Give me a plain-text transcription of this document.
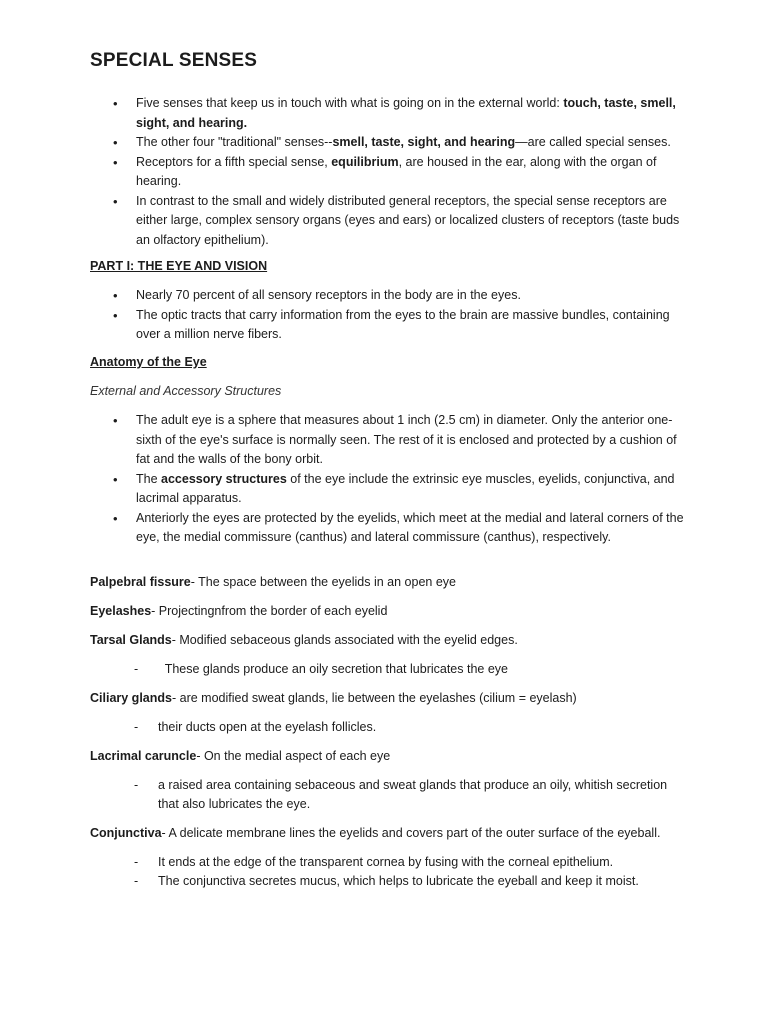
SPECIAL SENSES
• Five senses that keep us in touch with what is going on in the external world: touch, taste, smell, sight, and hearing.
• The other four "traditional" senses--smell, taste, sight, and hearing—are called special senses.
• Receptors for a fifth special sense, equilibrium, are housed in the ear, along with the organ of hearing.
• In contrast to the small and widely distributed general receptors, the special sense receptors are either large, complex sensory organs (eyes and ears) or localized clusters of receptors (taste buds an olfactory epithelium).
PART I: THE EYE AND VISION
• Nearly 70 percent of all sensory receptors in the body are in the eyes.
• The optic tracts that carry information from the eyes to the brain are massive bundles, containing over a million nerve fibers.
Anatomy of the Eye
External and Accessory Structures
• The adult eye is a sphere that measures about 1 inch (2.5 cm) in diameter. Only the anterior one- sixth of the eye's surface is normally seen. The rest of it is enclosed and protected by a cushion of fat and the walls of the bony orbit.
• The accessory structures of the eye include the extrinsic eye muscles, eyelids, conjunctiva, and lacrimal apparatus.
• Anteriorly the eyes are protected by the eyelids, which meet at the medial and lateral corners of the eye, the medial commissure (canthus) and lateral commissure (canthus), respectively.

Palpebral fissure- The space between the eyelids in an open eye

Eyelashes- Projectingnfrom the border of each eyelid

Tarsal Glands- Modified sebaceous glands associated with the eyelid edges.

-   These glands produce an oily secretion that lubricates the eye

Ciliary glands- are modified sweat glands, lie between the eyelashes (cilium = eyelash)

- their ducts open at the eyelash follicles.

Lacrimal caruncle- On the medial aspect of each eye

- a raised area containing sebaceous and sweat glands that produce an oily, whitish secretion that also lubricates the eye.

Conjunctiva- A delicate membrane lines the eyelids and covers part of the outer surface of the eyeball.

- It ends at the edge of the transparent cornea by fusing with the corneal epithelium.
- The conjunctiva secretes mucus, which helps to lubricate the eyeball and keep it moist.
